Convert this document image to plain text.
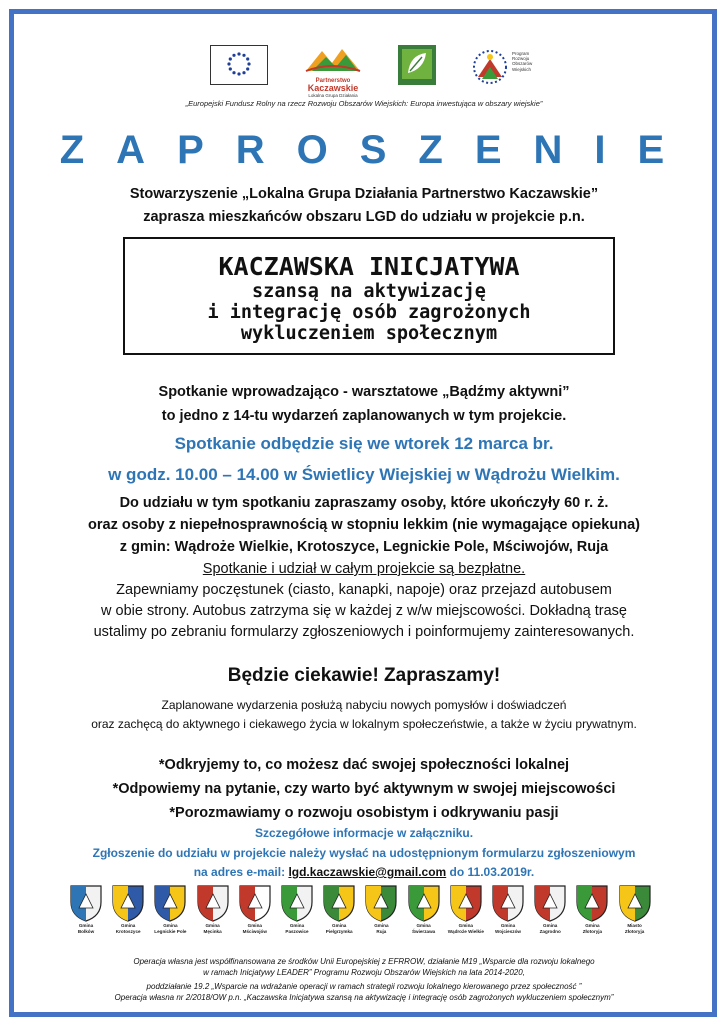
Partnerstwo
Kaczawskie
Lokalna Grupa Działania
Program
Rozwoju
Obszarów
Wiejskich
„Europejski Fundusz Rolny na rzecz Rozwoju Obszarów Wiejskich: Europa inwestująca w obszary wiejskie”
ZAPROSZENIE
Stowarzyszenie „Lokalna Grupa Działania Partnerstwo Kaczawskie”
zaprasza mieszkańców obszaru LGD do udziału w projekcie p.n.
KACZAWSKA INICJATYWA
szansą na aktywizację
i integrację osób zagrożonych
wykluczeniem społecznym
Spotkanie wprowadzająco - warsztatowe „Bądźmy aktywni”
to jedno z 14-tu wydarzeń zaplanowanych w tym projekcie.
Spotkanie odbędzie się we wtorek 12 marca br.
w godz. 10.00 – 14.00 w Świetlicy Wiejskiej w Wądrożu Wielkim.
Do udziału w tym spotkaniu zapraszamy osoby, które ukończyły 60 r. ż.
oraz osoby z niepełnosprawnością w stopniu lekkim (nie wymagające opiekuna)
z gmin: Wądroże Wielkie, Krotoszyce, Legnickie Pole, Mściwojów, Ruja
Spotkanie i udział w całym projekcie są bezpłatne.
Zapewniamy poczęstunek (ciasto, kanapki, napoje) oraz przejazd autobusem
w obie strony. Autobus zatrzyma się w każdej z w/w miejscowości. Dokładną trasę
ustalimy po zebraniu formularzy zgłoszeniowych i poinformujemy zainteresowanych.
Będzie ciekawie! Zapraszamy!
Zaplanowane wydarzenia posłużą nabyciu nowych pomysłów i doświadczeń
oraz zachęcą do aktywnego i ciekawego życia w lokalnym społeczeństwie, a także w życiu prywatnym.
*Odkryjemy to, co możesz dać swojej społeczności lokalnej
*Odpowiemy na pytanie, czy warto być aktywnym w swojej miejscowości
*Porozmawiamy o rozwoju osobistym i odkrywaniu pasji
Szczegółowe informacje w załączniku.
Zgłoszenie do udziału w projekcie należy wysłać na udostępnionym formularzu zgłoszeniowym
na adres e-mail: lgd.kaczawskie@gmail.com do 11.03.2019r.
Gmina
Bolków
Gmina
Krotoszyce
Gmina
Legnickie Pole
Gmina
Męcinka
Gmina
Mściwojów
Gmina
Paszowice
Gmina
Pielgrzymka
Gmina
Ruja
Gmina
Świerzawa
Gmina
Wądroże Wielkie
Gmina
Wojcieszów
Gmina
Zagrodno
Gmina
Złotoryja
Miasto
Złotoryja
Operacja własna jest współfinansowana ze środków Unii Europejskiej z EFRROW, działanie M19 „Wsparcie dla rozwoju lokalnego
w ramach Inicjatywy LEADER” Programu Rozwoju Obszarów Wiejskich na lata 2014-2020,
poddziałanie 19.2 „Wsparcie na wdrażanie operacji w ramach strategii rozwoju lokalnego kierowanego przez społeczność ”
Operacja własna nr 2/2018/OW p.n. „Kaczawska Inicjatywa szansą na aktywizację i integrację osób zagrożonych wykluczeniem społecznym”
